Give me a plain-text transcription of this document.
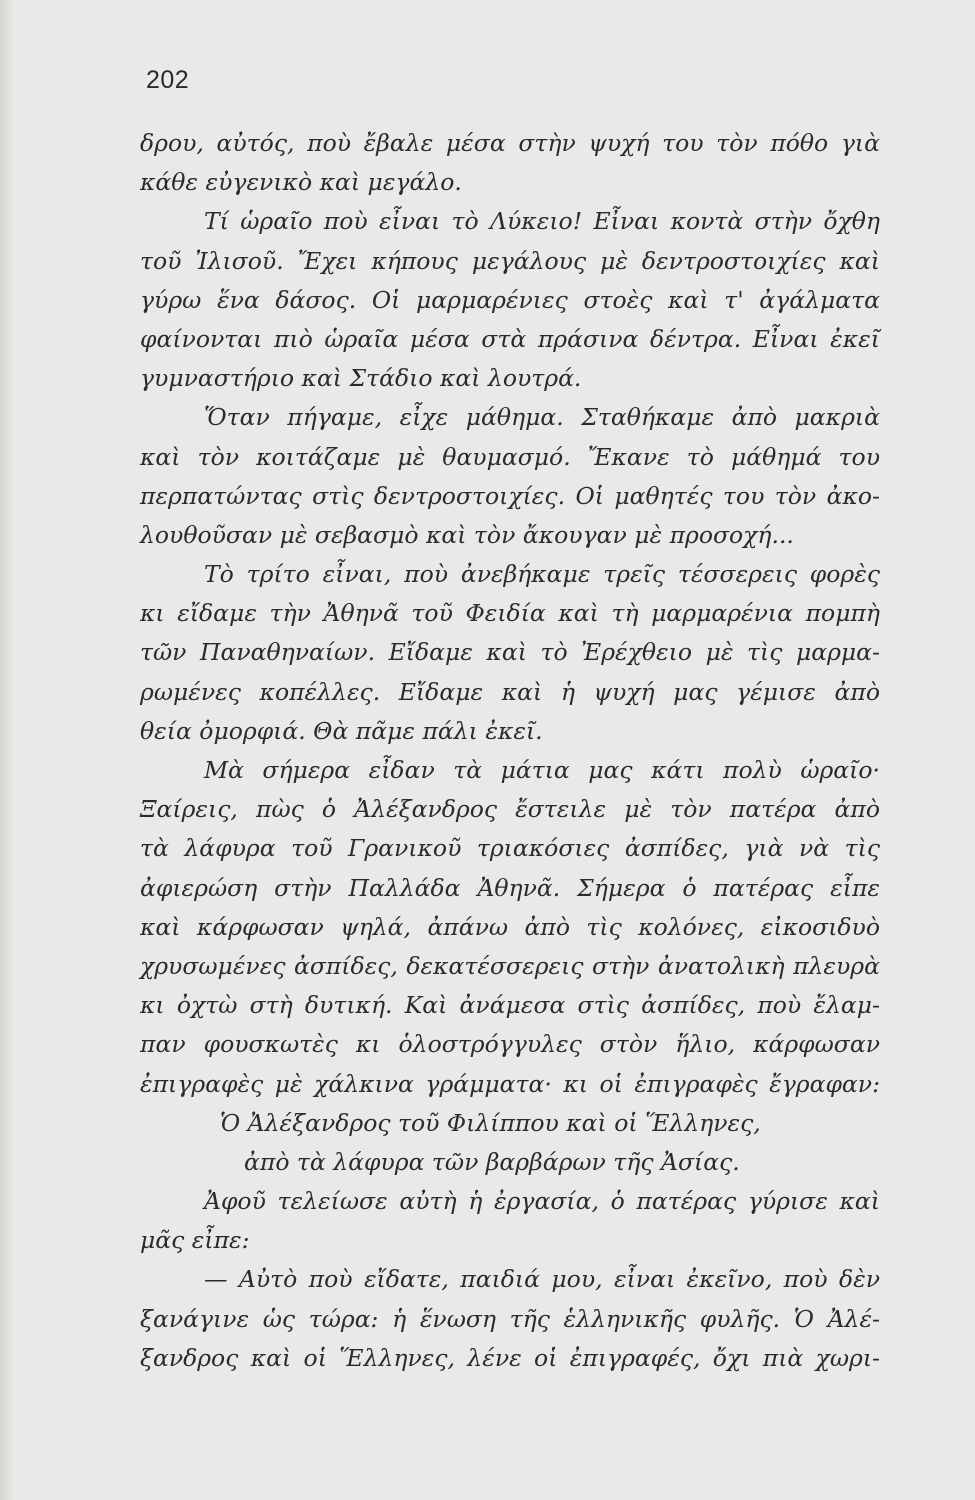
202
δρου, αὐτός, ποὺ ἔβαλε μέσα στὴν ψυχή του τὸν πόθο γιὰ
κάθε εὐγενικὸ καὶ μεγάλο.
Τί ὡραῖο ποὺ εἶναι τὸ Λύκειο! Εἶναι κοντὰ στὴν ὄχθη
τοῦ Ἰλισοῦ. Ἔχει κήπους μεγάλους μὲ δεντροστοιχίες καὶ
γύρω ἕνα δάσος. Οἱ μαρμαρένιες στοὲς καὶ τ' ἀγάλματα
φαίνονται πιὸ ὡραῖα μέσα στὰ πράσινα δέντρα. Εἶναι ἐκεῖ
γυμναστήριο καὶ Στάδιο καὶ λουτρά.
Ὅταν πήγαμε, εἶχε μάθημα. Σταθήκαμε ἀπὸ μακριὰ
καὶ τὸν κοιτάζαμε μὲ θαυμασμό. Ἔκανε τὸ μάθημά του
περπατώντας στὶς δεντροστοιχίες. Οἱ μαθητές του τὸν ἀκο-
λουθοῦσαν μὲ σεβασμὸ καὶ τὸν ἄκουγαν μὲ προσοχή...
Τὸ τρίτο εἶναι, ποὺ ἀνεβήκαμε τρεῖς τέσσερεις φορὲς
κι εἴδαμε τὴν Ἀθηνᾶ τοῦ Φειδία καὶ τὴ μαρμαρένια πομπὴ
τῶν Παναθηναίων. Εἴδαμε καὶ τὸ Ἐρέχθειο μὲ τὶς μαρμα-
ρωμένες κοπέλλες. Εἴδαμε καὶ ἡ ψυχή μας γέμισε ἀπὸ
θεία ὀμορφιά. Θὰ πᾶμε πάλι ἐκεῖ.
Μὰ σήμερα εἶδαν τὰ μάτια μας κάτι πολὺ ὡραῖο·
Ξαίρεις, πὼς ὁ Ἀλέξανδρος ἔστειλε μὲ τὸν πατέρα ἀπὸ
τὰ λάφυρα τοῦ Γρανικοῦ τριακόσιες ἀσπίδες, γιὰ νὰ τὶς
ἀφιερώση στὴν Παλλάδα Ἀθηνᾶ. Σήμερα ὁ πατέρας εἶπε
καὶ κάρφωσαν ψηλά, ἀπάνω ἀπὸ τὶς κολόνες, εἰκοσιδυὸ
χρυσωμένες ἀσπίδες, δεκατέσσερεις στὴν ἀνατολικὴ πλευρὰ
κι ὀχτὼ στὴ δυτική. Καὶ ἀνάμεσα στὶς ἀσπίδες, ποὺ ἔλαμ-
παν φουσκωτὲς κι ὁλοστρόγγυλες στὸν ἥλιο, κάρφωσαν
ἐπιγραφὲς μὲ χάλκινα γράμματα· κι οἱ ἐπιγραφὲς ἔγραφαν:
Ὁ Ἀλέξανδρος τοῦ Φιλίππου καὶ οἱ Ἕλληνες,
ἀπὸ τὰ λάφυρα τῶν βαρβάρων τῆς Ἀσίας.
Ἀφοῦ τελείωσε αὐτὴ ἡ ἐργασία, ὁ πατέρας γύρισε καὶ
μᾶς εἶπε:
— Αὐτὸ ποὺ εἴδατε, παιδιά μου, εἶναι ἐκεῖνο, ποὺ δὲν
ξανάγινε ὡς τώρα: ἡ ἕνωση τῆς ἑλληνικῆς φυλῆς. Ὁ Ἀλέ-
ξανδρος καὶ οἱ Ἕλληνες, λένε οἱ ἐπιγραφές, ὄχι πιὰ χωρι-
